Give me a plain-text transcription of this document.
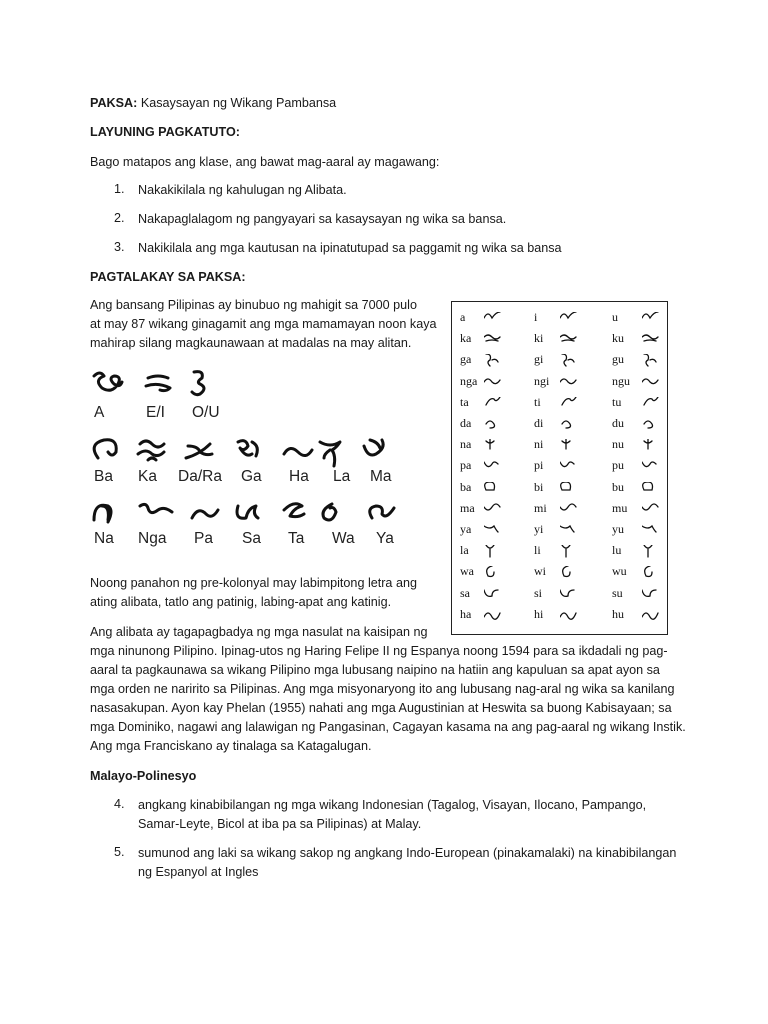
PAKSA: Kasaysayan ng Wikang Pambansa
LAYUNING PAGKATUTO:
Bago matapos ang klase, ang bawat mag-aaral ay magawang:
1. Nakakikilala ng kahulugan ng Alibata.
2. Nakapaglalagom ng pangyayari sa kasaysayan ng wika sa bansa.
3. Nakikilala ang mga kautusan na ipinatutupad sa paggamit ng wika sa bansa
PAGTALAKAY SA PAKSA:
Ang bansang Pilipinas ay binubuo ng mahigit sa 7000 pulo
at may 87 wikang ginagamit ang mga mamamayan noon kaya
mahirap silang magkaunawaan at madalas na may alitan.
A	E/I O/U
Ba Ka Da/Ra Ga Ha La Ma
Na Nga Pa Sa Ta Wa Ya
a	i	u
ka	ki	ku
ga	gi	gu
nga	ngi	ngu
ta	ti	tu
da	di	du
na	ni	nu
pa	pi	pu
ba	bi	bu
ma	mi	mu
ya	yi	yu
la	li	lu
wa	wi	wu
sa	si	su
ha	hi	hu
Noong panahon ng pre-kolonyal may labimpitong letra ang
ating alibata, tatlo ang patinig, labing-apat ang katinig.
Ang alibata ay tagapagbadya ng mga nasulat na kaisipan ng
mga ninunong Pilipino. Ipinag-utos ng Haring Felipe II ng Espanya noong 1594 para sa ikdadali ng pag-
aaral ta pagkaunawa sa wikang Pilipino mga lubusang naipino na hatiin ang kapuluan sa apat ayon sa
mga orden ne naririto sa Pilipinas. Ang mga misyonaryong ito ang lubusang nag-aral ng wika sa kanilang
nasasakupan. Ayon kay Phelan (1955) nahati ang mga Augustinian at Heswita sa buong Kabisayaan; sa
mga Dominiko, nagawi ang lalawigan ng Pangasinan, Cagayan kasama na ang pag-aaral ng wikang Instik.
Ang mga Franciskano ay tinalaga sa Katagalugan.
Malayo-Polinesyo
4. angkang kinabibilangan ng mga wikang Indonesian (Tagalog, Visayan, Ilocano, Pampango,
Samar-Leyte, Bicol at iba pa sa Pilipinas) at Malay.
5. sumunod ang laki sa wikang sakop ng angkang Indo-European (pinakamalaki) na kinabibilangan
ng Espanyol at Ingles
